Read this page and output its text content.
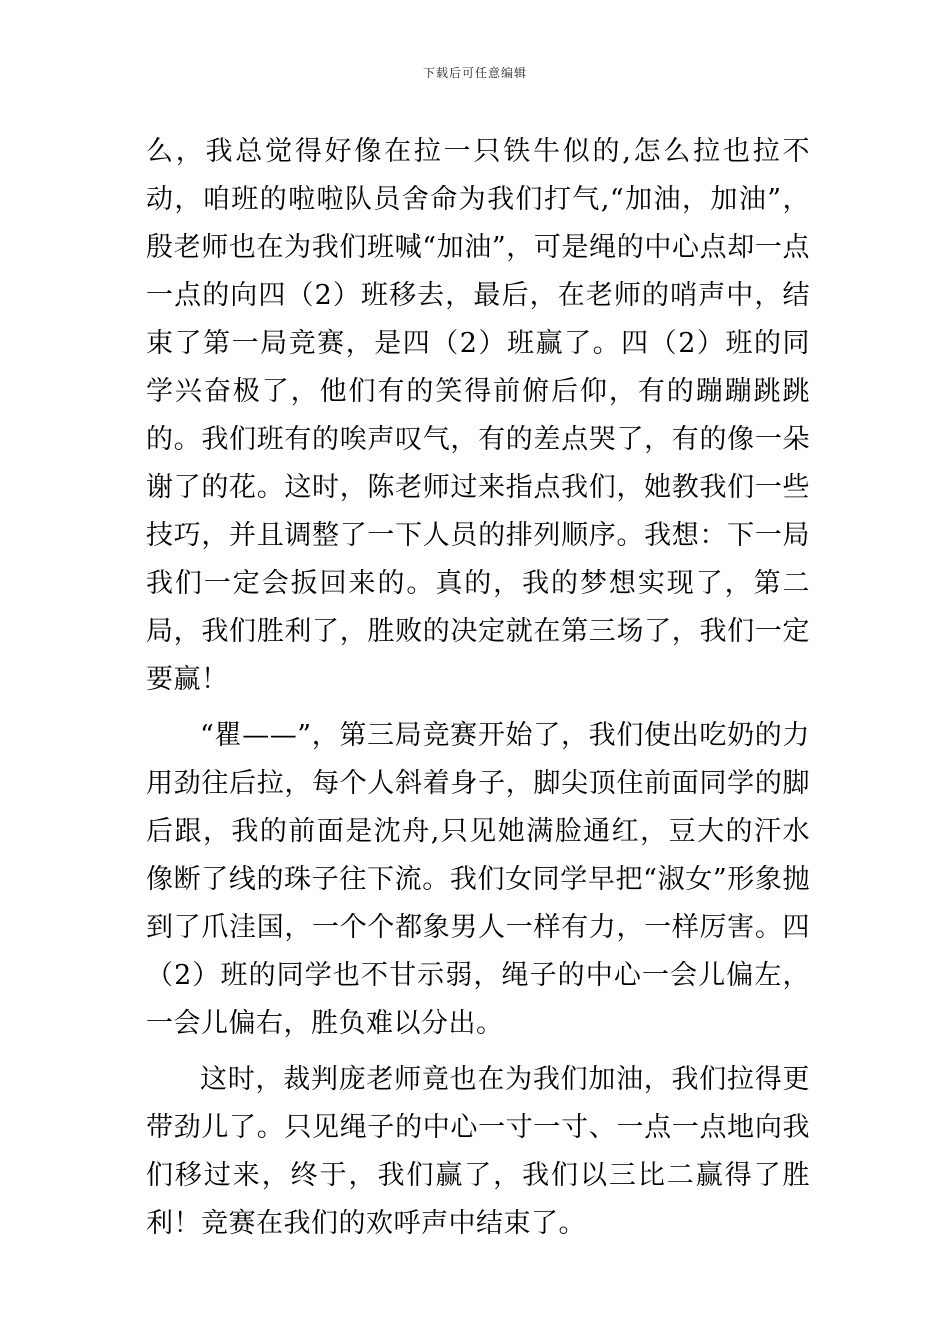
下载后可任意编辑

么，我总觉得好像在拉一只铁牛似的,怎么拉也拉不动，咱班的啦啦队员舍命为我们打气,“加油，加油”，殷老师也在为我们班喊“加油”，可是绳的中心点却一点一点的向四（2）班移去，最后，在老师的哨声中，结束了第一局竞赛，是四（2）班赢了。四（2）班的同学兴奋极了，他们有的笑得前俯后仰，有的蹦蹦跳跳的。我们班有的唉声叹气，有的差点哭了，有的像一朵谢了的花。这时，陈老师过来指点我们，她教我们一些技巧，并且调整了一下人员的排列顺序。我想：下一局我们一定会扳回来的。真的，我的梦想实现了，第二局，我们胜利了，胜败的决定就在第三场了，我们一定要赢！

“瞿——”，第三局竞赛开始了，我们使出吃奶的力用劲往后拉，每个人斜着身子，脚尖顶住前面同学的脚后跟，我的前面是沈舟,只见她满脸通红，豆大的汗水像断了线的珠子往下流。我们女同学早把“淑女”形象抛到了爪洼国，一个个都象男人一样有力，一样厉害。四（2）班的同学也不甘示弱，绳子的中心一会儿偏左，一会儿偏右，胜负难以分出。

这时，裁判庞老师竟也在为我们加油，我们拉得更带劲儿了。只见绳子的中心一寸一寸、一点一点地向我们移过来，终于，我们赢了，我们以三比二赢得了胜利！竞赛在我们的欢呼声中结束了。
